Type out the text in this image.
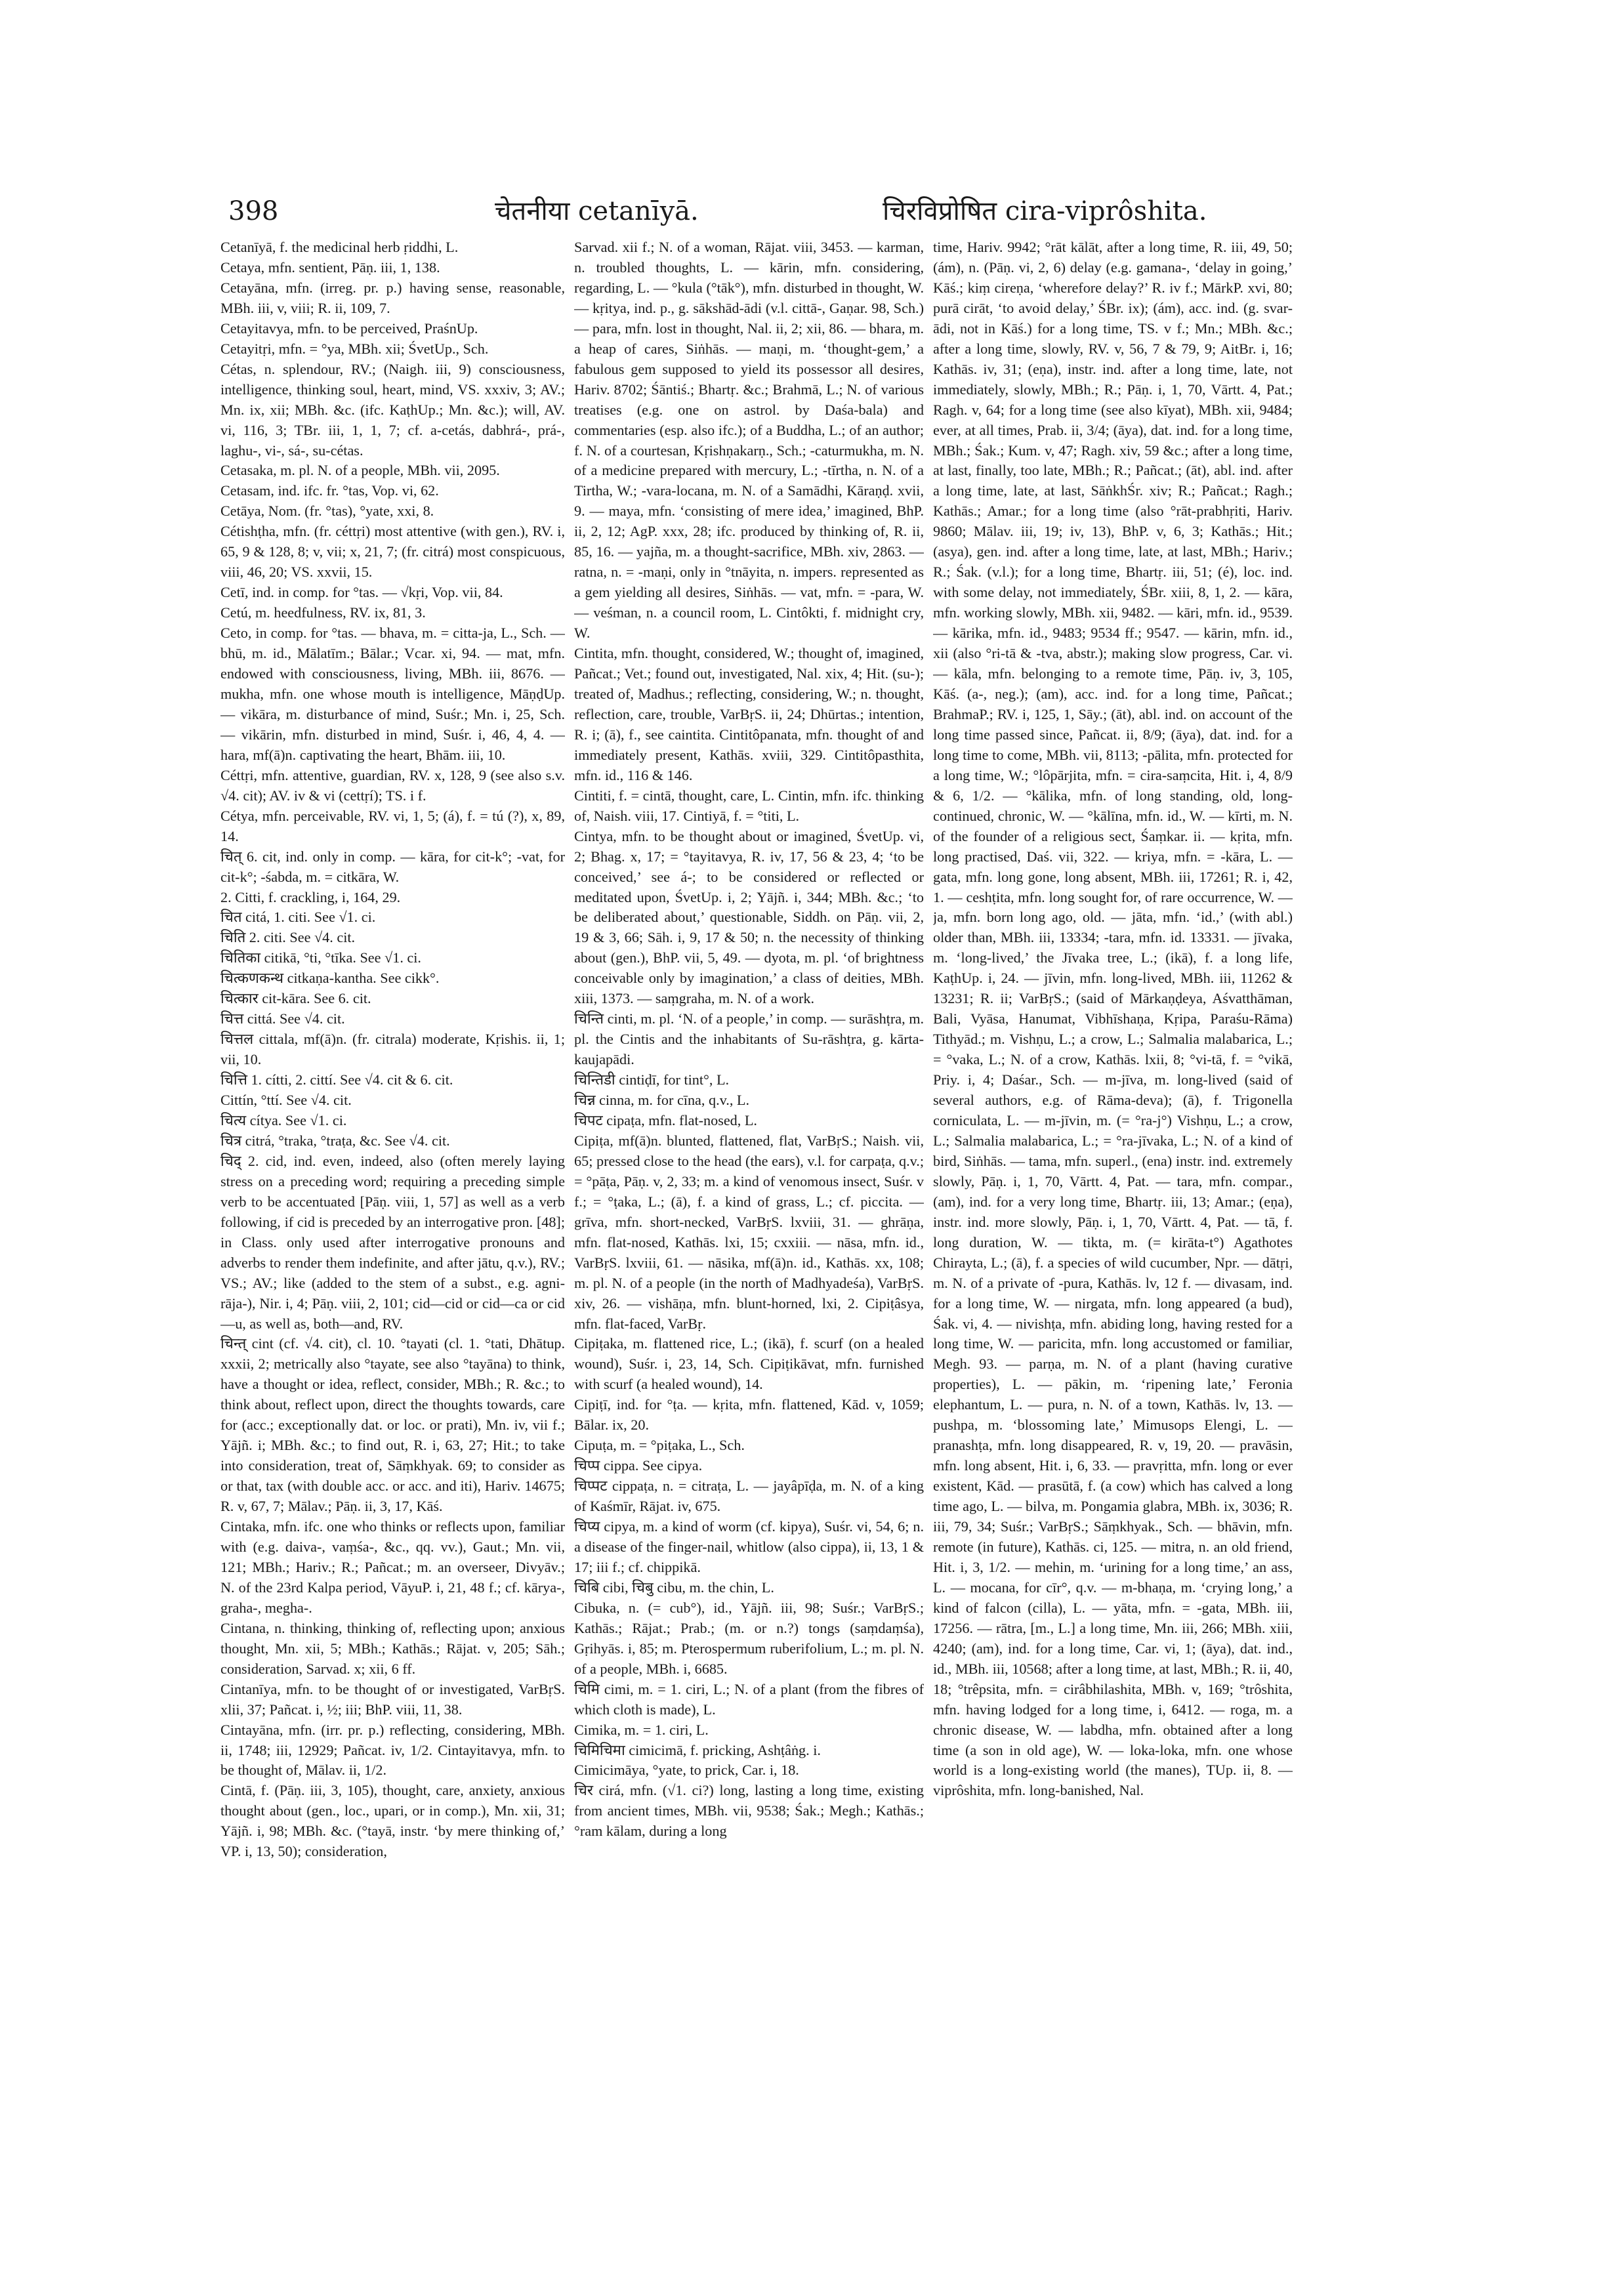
398	चेतनीया cetanīyā.	चिरविप्रोषित cira-viprôshita.

Cetanīyā, f. the medicinal herb ṛiddhi, L.

Cetaya, mfn. sentient, Pāṇ. iii, 1, 138.

Cetayāna, mfn. (irreg. pr. p.) having sense, reasonable, MBh. iii, v, viii; R. ii, 109, 7.

Cetayitavya, mfn. to be perceived, PraśnUp.

Cetayitṛi, mfn. = °ya, MBh. xii; ŚvetUp., Sch.

Cétas, n. splendour, RV.; (Naigh. iii, 9) consciousness, intelligence, thinking soul, heart, mind, VS. xxxiv, 3; AV.; Mn. ix, xii; MBh. &c. (ifc. KaṭhUp.; Mn. &c.); will, AV. vi, 116, 3; TBr. iii, 1, 1, 7; cf. a-cetás, dabhrá-, prá-, laghu-, vi-, sá-, su-cétas.

Cetasaka, m. pl. N. of a people, MBh. vii, 2095.

Cetasam, ind. ifc. fr. °tas, Vop. vi, 62.

Cetāya, Nom. (fr. °tas), °yate, xxi, 8.

Cétishṭha, mfn. (fr. céttṛi) most attentive (with gen.), RV. i, 65, 9 & 128, 8; v, vii; x, 21, 7; (fr. citrá) most conspicuous, viii, 46, 20; VS. xxvii, 15.

Cetī, ind. in comp. for °tas. — √kṛi, Vop. vii, 84.

Cetú, m. heedfulness, RV. ix, 81, 3.

Ceto, in comp. for °tas. — bhava, m. = citta-ja, L., Sch. — bhū, m. id., Mālatīm.; Bālar.; Vcar. xi, 94. — mat, mfn. endowed with consciousness, living, MBh. iii, 8676. — mukha, mfn. one whose mouth is intelligence, MāṇḍUp. — vikāra, m. disturbance of mind, Suśr.; Mn. i, 25, Sch. — vikārin, mfn. disturbed in mind, Suśr. i, 46, 4, 4. — hara, mf(ā)n. captivating the heart, Bhām. iii, 10.

Céttṛi, mfn. attentive, guardian, RV. x, 128, 9 (see also s.v. √4. cit); AV. iv & vi (cettṛí); TS. i f.

Cétya, mfn. perceivable, RV. vi, 1, 5; (á), f. = tú (?), x, 89, 14.

चित् 6. cit, ind. only in comp. — kāra, for cit-k°; -vat, for cit-k°; -śabda, m. = citkāra, W.

2. Citti, f. crackling, i, 164, 29.

चित citá, 1. citi. See √1. ci.

चिति 2. citi. See √4. cit.

चितिका citikā, °ti, °tīka. See √1. ci.

चित्कणकन्थ citkaṇa-kantha. See cikk°.

चित्कार cit-kāra. See 6. cit.

चित्त cittá. See √4. cit.

चित्तल cittala, mf(ā)n. (fr. citrala) moderate, Kṛishis. ii, 1; vii, 10.

चित्ति 1. cítti, 2. cittí. See √4. cit & 6. cit.

Cittín, °ttí. See √4. cit.

चित्य cítya. See √1. ci.

चित्र citrá, °traka, °traṭa, &c. See √4. cit.

चिद् 2. cid, ind. even, indeed, also (often merely laying stress on a preceding word; requiring a preceding simple verb to be accentuated [Pāṇ. viii, 1, 57] as well as a verb following, if cid is preceded by an interrogative pron. [48]; in Class. only used after interrogative pronouns and adverbs to render them indefinite, and after jātu, q.v.), RV.; VS.; AV.; like (added to the stem of a subst., e.g. agni-rāja-), Nir. i, 4; Pāṇ. viii, 2, 101; cid—cid or cid—ca or cid—u, as well as, both—and, RV.

चिन्त् cint (cf. √4. cit), cl. 10. °tayati (cl. 1. °tati, Dhātup. xxxii, 2; metrically also °tayate, see also °tayāna) to think, have a thought or idea, reflect, consider, MBh.; R. &c.; to think about, reflect upon, direct the thoughts towards, care for (acc.; exceptionally dat. or loc. or prati), Mn. iv, vii f.; Yājñ. i; MBh. &c.; to find out, R. i, 63, 27; Hit.; to take into consideration, treat of, Sāṃkhyak. 69; to consider as or that, tax (with double acc. or acc. and iti), Hariv. 14675; R. v, 67, 7; Mālav.; Pāṇ. ii, 3, 17, Kāś.

Cintaka, mfn. ifc. one who thinks or reflects upon, familiar with (e.g. daiva-, vaṃśa-, &c., qq. vv.), Gaut.; Mn. vii, 121; MBh.; Hariv.; R.; Pañcat.; m. an overseer, Divyāv.; N. of the 23rd Kalpa period, VāyuP. i, 21, 48 f.; cf. kārya-, graha-, megha-.

Cintana, n. thinking, thinking of, reflecting upon; anxious thought, Mn. xii, 5; MBh.; Kathās.; Rājat. v, 205; Sāh.; consideration, Sarvad. x; xii, 6 ff.

Cintanīya, mfn. to be thought of or investigated, VarBṛS. xlii, 37; Pañcat. i, ½; iii; BhP. viii, 11, 38.

Cintayāna, mfn. (irr. pr. p.) reflecting, considering, MBh. ii, 1748; iii, 12929; Pañcat. iv, 1/2. Cintayitavya, mfn. to be thought of, Mālav. ii, 1/2.

Cintā, f. (Pāṇ. iii, 3, 105), thought, care, anxiety, anxious thought about (gen., loc., upari, or in comp.), Mn. xii, 31; Yājñ. i, 98; MBh. &c. (°tayā, instr. ‘by mere thinking of,’ VP. i, 13, 50); consideration,

Sarvad. xii f.; N. of a woman, Rājat. viii, 3453. — karman, n. troubled thoughts, L. — kārin, mfn. considering, regarding, L. — °kula (°tāk°), mfn. disturbed in thought, W. — kṛitya, ind. p., g. sākshād-ādi (v.l. cittā-, Gaṇar. 98, Sch.) — para, mfn. lost in thought, Nal. ii, 2; xii, 86. — bhara, m. a heap of cares, Siṅhās. — maṇi, m. ‘thought-gem,’ a fabulous gem supposed to yield its possessor all desires, Hariv. 8702; Śāntiś.; Bhartṛ. &c.; Brahmā, L.; N. of various treatises (e.g. one on astrol. by Daśa-bala) and commentaries (esp. also ifc.); of a Buddha, L.; of an author; f. N. of a courtesan, Kṛishṇakarṇ., Sch.; -caturmukha, m. N. of a medicine prepared with mercury, L.; -tīrtha, n. N. of a Tirtha, W.; -vara-locana, m. N. of a Samādhi, Kāraṇḍ. xvii, 9. — maya, mfn. ‘consisting of mere idea,’ imagined, BhP. ii, 2, 12; AgP. xxx, 28; ifc. produced by thinking of, R. ii, 85, 16. — yajña, m. a thought-sacrifice, MBh. xiv, 2863. — ratna, n. = -maṇi, only in °tnāyita, n. impers. represented as a gem yielding all desires, Siṅhās. — vat, mfn. = -para, W. — veśman, n. a council room, L. Cintôkti, f. midnight cry, W.

Cintita, mfn. thought, considered, W.; thought of, imagined, Pañcat.; Vet.; found out, investigated, Nal. xix, 4; Hit. (su-); treated of, Madhus.; reflecting, considering, W.; n. thought, reflection, care, trouble, VarBṛS. ii, 24; Dhūrtas.; intention, R. i; (ā), f., see caintita. Cintitôpanata, mfn. thought of and immediately present, Kathās. xviii, 329. Cintitôpasthita, mfn. id., 116 & 146.

Cintiti, f. = cintā, thought, care, L. Cintin, mfn. ifc. thinking of, Naish. viii, 17. Cintiyā, f. = °titi, L.

Cintya, mfn. to be thought about or imagined, ŚvetUp. vi, 2; Bhag. x, 17; = °tayitavya, R. iv, 17, 56 & 23, 4; ‘to be conceived,’ see á-; to be considered or reflected or meditated upon, ŚvetUp. i, 2; Yājñ. i, 344; MBh. &c.; ‘to be deliberated about,’ questionable, Siddh. on Pāṇ. vii, 2, 19 & 3, 66; Sāh. i, 9, 17 & 50; n. the necessity of thinking about (gen.), BhP. vii, 5, 49. — dyota, m. pl. ‘of brightness conceivable only by imagination,’ a class of deities, MBh. xiii, 1373. — saṃgraha, m. N. of a work.

चिन्ति cinti, m. pl. ‘N. of a people,’ in comp. — surāshṭra, m. pl. the Cintis and the inhabitants of Su-rāshṭra, g. kārta-kaujapādi.

चिन्तिडी cintiḍī, for tint°, L.

चिन्न cinna, m. for cīna, q.v., L.

चिपट cipaṭa, mfn. flat-nosed, L.

Cipiṭa, mf(ā)n. blunted, flattened, flat, VarBṛS.; Naish. vii, 65; pressed close to the head (the ears), v.l. for carpaṭa, q.v.; = °pāṭa, Pāṇ. v, 2, 33; m. a kind of venomous insect, Suśr. v f.; = °ṭaka, L.; (ā), f. a kind of grass, L.; cf. piccita. — grīva, mfn. short-necked, VarBṛS. lxviii, 31. — ghrāṇa, mfn. flat-nosed, Kathās. lxi, 15; cxxiii. — nāsa, mfn. id., VarBṛS. lxviii, 61. — nāsika, mf(ā)n. id., Kathās. xx, 108; m. pl. N. of a people (in the north of Madhyadeśa), VarBṛS. xiv, 26. — vishāṇa, mfn. blunt-horned, lxi, 2. Cipiṭâsya, mfn. flat-faced, VarBṛ.

Cipiṭaka, m. flattened rice, L.; (ikā), f. scurf (on a healed wound), Suśr. i, 23, 14, Sch. Cipiṭikāvat, mfn. furnished with scurf (a healed wound), 14.

Cipiṭī, ind. for °ṭa. — kṛita, mfn. flattened, Kād. v, 1059; Bālar. ix, 20.

Cipuṭa, m. = °piṭaka, L., Sch.

चिप्प cippa. See cipya.

चिप्पट cippaṭa, n. = citraṭa, L. — jayâpīḍa, m. N. of a king of Kaśmīr, Rājat. iv, 675.

चिप्य cipya, m. a kind of worm (cf. kipya), Suśr. vi, 54, 6; n. a disease of the finger-nail, whitlow (also cippa), ii, 13, 1 & 17; iii f.; cf. chippikā.

चिबि cibi, चिबु cibu, m. the chin, L.

Cibuka, n. (= cub°), id., Yājñ. iii, 98; Suśr.; VarBṛS.; Kathās.; Rājat.; Prab.; (m. or n.?) tongs (saṃdaṃśa), Gṛihyās. i, 85; m. Pterospermum ruberifolium, L.; m. pl. N. of a people, MBh. i, 6685.

चिमि cimi, m. = 1. ciri, L.; N. of a plant (from the fibres of which cloth is made), L.

Cimika, m. = 1. ciri, L.

चिमिचिमा cimicimā, f. pricking, Ashṭâṅg. i.

Cimicimāya, °yate, to prick, Car. i, 18.

चिर cirá, mfn. (√1. ci?) long, lasting a long time, existing from ancient times, MBh. vii, 9538; Śak.; Megh.; Kathās.; °ram kālam, during a long

time, Hariv. 9942; °rāt kālāt, after a long time, R. iii, 49, 50; (ám), n. (Pāṇ. vi, 2, 6) delay (e.g. gamana-, ‘delay in going,’ Kāś.; kiṃ cireṇa, ‘wherefore delay?’ R. iv f.; MārkP. xvi, 80; purā cirāt, ‘to avoid delay,’ ŚBr. ix); (ám), acc. ind. (g. svar-ādi, not in Kāś.) for a long time, TS. v f.; Mn.; MBh. &c.; after a long time, slowly, RV. v, 56, 7 & 79, 9; AitBr. i, 16; Kathās. iv, 31; (eṇa), instr. ind. after a long time, late, not immediately, slowly, MBh.; R.; Pāṇ. i, 1, 70, Vārtt. 4, Pat.; Ragh. v, 64; for a long time (see also kīyat), MBh. xii, 9484; ever, at all times, Prab. ii, 3/4; (āya), dat. ind. for a long time, MBh.; Śak.; Kum. v, 47; Ragh. xiv, 59 &c.; after a long time, at last, finally, too late, MBh.; R.; Pañcat.; (āt), abl. ind. after a long time, late, at last, SāṅkhŚr. xiv; R.; Pañcat.; Ragh.; Kathās.; Amar.; for a long time (also °rāt-prabhṛiti, Hariv. 9860; Mālav. iii, 19; iv, 13), BhP. v, 6, 3; Kathās.; Hit.; (asya), gen. ind. after a long time, late, at last, MBh.; Hariv.; R.; Śak. (v.l.); for a long time, Bhartṛ. iii, 51; (é), loc. ind. with some delay, not immediately, ŚBr. xiii, 8, 1, 2. — kāra, mfn. working slowly, MBh. xii, 9482. — kāri, mfn. id., 9539. — kārika, mfn. id., 9483; 9534 ff.; 9547. — kārin, mfn. id., xii (also °ri-tā & -tva, abstr.); making slow progress, Car. vi. — kāla, mfn. belonging to a remote time, Pāṇ. iv, 3, 105, Kāś. (a-, neg.); (am), acc. ind. for a long time, Pañcat.; BrahmaP.; RV. i, 125, 1, Sāy.; (āt), abl. ind. on account of the long time passed since, Pañcat. ii, 8/9; (āya), dat. ind. for a long time to come, MBh. vii, 8113; -pālita, mfn. protected for a long time, W.; °lôpārjita, mfn. = cira-saṃcita, Hit. i, 4, 8/9 & 6, 1/2. — °kālika, mfn. of long standing, old, long-continued, chronic, W. — °kālīna, mfn. id., W. — kīrti, m. N. of the founder of a religious sect, Śaṃkar. ii. — kṛita, mfn. long practised, Daś. vii, 322. — kriya, mfn. = -kāra, L. — gata, mfn. long gone, long absent, MBh. iii, 17261; R. i, 42, 1. — ceshṭita, mfn. long sought for, of rare occurrence, W. — ja, mfn. born long ago, old. — jāta, mfn. ‘id.,’ (with abl.) older than, MBh. iii, 13334; -tara, mfn. id. 13331. — jīvaka, m. ‘long-lived,’ the Jīvaka tree, L.; (ikā), f. a long life, KaṭhUp. i, 24. — jīvin, mfn. long-lived, MBh. iii, 11262 & 13231; R. ii; VarBṛS.; (said of Mārkaṇḍeya, Aśvatthāman, Bali, Vyāsa, Hanumat, Vibhīshaṇa, Kṛipa, Paraśu-Rāma) Tithyād.; m. Vishṇu, L.; a crow, L.; Salmalia malabarica, L.; = °vaka, L.; N. of a crow, Kathās. lxii, 8; °vi-tā, f. = °vikā, Priy. i, 4; Daśar., Sch. — m-jīva, m. long-lived (said of several authors, e.g. of Rāma-deva); (ā), f. Trigonella corniculata, L. — m-jīvin, m. (= °ra-j°) Vishṇu, L.; a crow, L.; Salmalia malabarica, L.; = °ra-jīvaka, L.; N. of a kind of bird, Siṅhās. — tama, mfn. superl., (ena) instr. ind. extremely slowly, Pāṇ. i, 1, 70, Vārtt. 4, Pat. — tara, mfn. compar., (am), ind. for a very long time, Bhartṛ. iii, 13; Amar.; (eṇa), instr. ind. more slowly, Pāṇ. i, 1, 70, Vārtt. 4, Pat. — tā, f. long duration, W. — tikta, m. (= kirāta-t°) Agathotes Chirayta, L.; (ā), f. a species of wild cucumber, Npr. — dātṛi, m. N. of a private of -pura, Kathās. lv, 12 f. — divasam, ind. for a long time, W. — nirgata, mfn. long appeared (a bud), Śak. vi, 4. — nivishṭa, mfn. abiding long, having rested for a long time, W. — paricita, mfn. long accustomed or familiar, Megh. 93. — parṇa, m. N. of a plant (having curative properties), L. — pākin, m. ‘ripening late,’ Feronia elephantum, L. — pura, n. N. of a town, Kathās. lv, 13. — pushpa, m. ‘blossoming late,’ Mimusops Elengi, L. — pranashṭa, mfn. long disappeared, R. v, 19, 20. — pravāsin, mfn. long absent, Hit. i, 6, 33. — pravṛitta, mfn. long or ever existent, Kād. — prasūtā, f. (a cow) which has calved a long time ago, L. — bilva, m. Pongamia glabra, MBh. ix, 3036; R. iii, 79, 34; Suśr.; VarBṛS.; Sāṃkhyak., Sch. — bhāvin, mfn. remote (in future), Kathās. ci, 125. — mitra, n. an old friend, Hit. i, 3, 1/2. — mehin, m. ‘urining for a long time,’ an ass, L. — mocana, for cīr°, q.v. — m-bhaṇa, m. ‘crying long,’ a kind of falcon (cilla), L. — yāta, mfn. = -gata, MBh. iii, 17256. — rātra, [m., L.] a long time, Mn. iii, 266; MBh. xiii, 4240; (am), ind. for a long time, Car. vi, 1; (āya), dat. ind., id., MBh. iii, 10568; after a long time, at last, MBh.; R. ii, 40, 18; °trêpsita, mfn. = cirâbhilashita, MBh. v, 169; °trôshita, mfn. having lodged for a long time, i, 6412. — roga, m. a chronic disease, W. — labdha, mfn. obtained after a long time (a son in old age), W. — loka-loka, mfn. one whose world is a long-existing world (the manes), TUp. ii, 8. — viprôshita, mfn. long-banished, Nal.
